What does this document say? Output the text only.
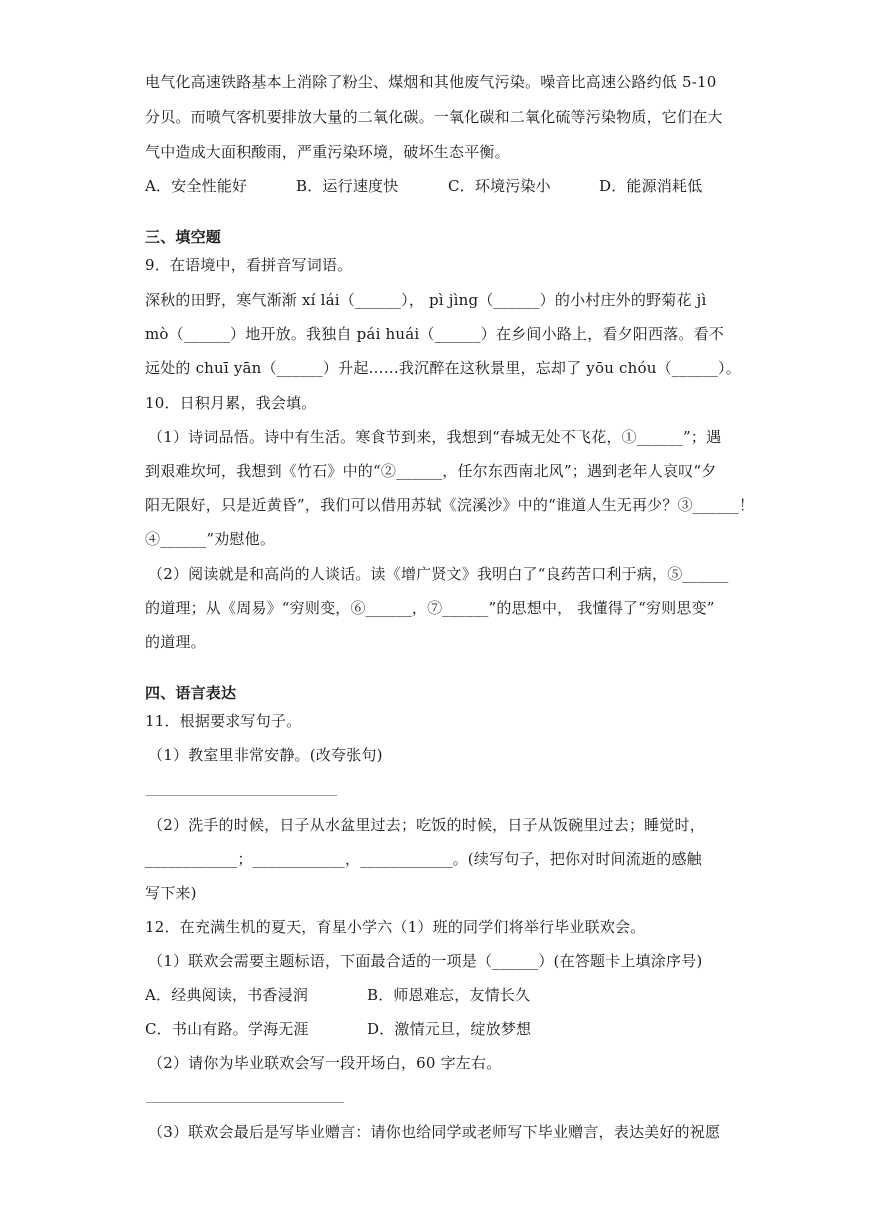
电气化高速铁路基本上消除了粉尘、煤烟和其他废气污染。噪音比高速公路约低 5-10
分贝。而喷气客机要排放大量的二氧化碳。一氧化碳和二氧化硫等污染物质，它们在大
气中造成大面积酸雨，严重污染环境，破坏生态平衡。
A．安全性能好	B．运行速度快	C．环境污染小	D．能源消耗低
三、填空题
9．在语境中，看拼音写词语。
深秋的田野，寒气渐渐 xí lái（______）， pì jìng（______）的小村庄外的野菊花 jì
mò（______）地开放。我独自 pái huái（______）在乡间小路上，看夕阳西落。看不
远处的 chuī yān（______）升起……我沉醉在这秋景里，忘却了 yōu chóu（______）。
10．日积月累，我会填。
（1）诗词品悟。诗中有生活。寒食节到来，我想到“春城无处不飞花，①______”；遇
到艰难坎坷，我想到《竹石》中的“②______，任尔东西南北风”；遇到老年人哀叹“夕
阳无限好，只是近黄昏”，我们可以借用苏轼《浣溪沙》中的“谁道人生无再少？③______！
④______”劝慰他。
（2）阅读就是和高尚的人谈话。读《增广贤文》我明白了“良药苦口利于病，⑤______
的道理；从《周易》“穷则变，⑥______，⑦______”的思想中， 我懂得了“穷则思变”
的道理。
四、语言表达
11．根据要求写句子。
（1）教室里非常安静。(改夸张句)
（2）洗手的时候，日子从水盆里过去；吃饭的时候，日子从饭碗里过去；睡觉时，
____________；____________，____________。(续写句子，把你对时间流逝的感触
写下来)
12．在充满生机的夏天，育星小学六（1）班的同学们将举行毕业联欢会。
（1）联欢会需要主题标语，下面最合适的一项是（______）(在答题卡上填涂序号)
A．经典阅读，书香浸润	B．师恩难忘，友情长久
C．书山有路。学海无涯	D．激情元旦，绽放梦想
（2）请你为毕业联欢会写一段开场白，60 字左右。
（3）联欢会最后是写毕业赠言：请你也给同学或老师写下毕业赠言，表达美好的祝愿
